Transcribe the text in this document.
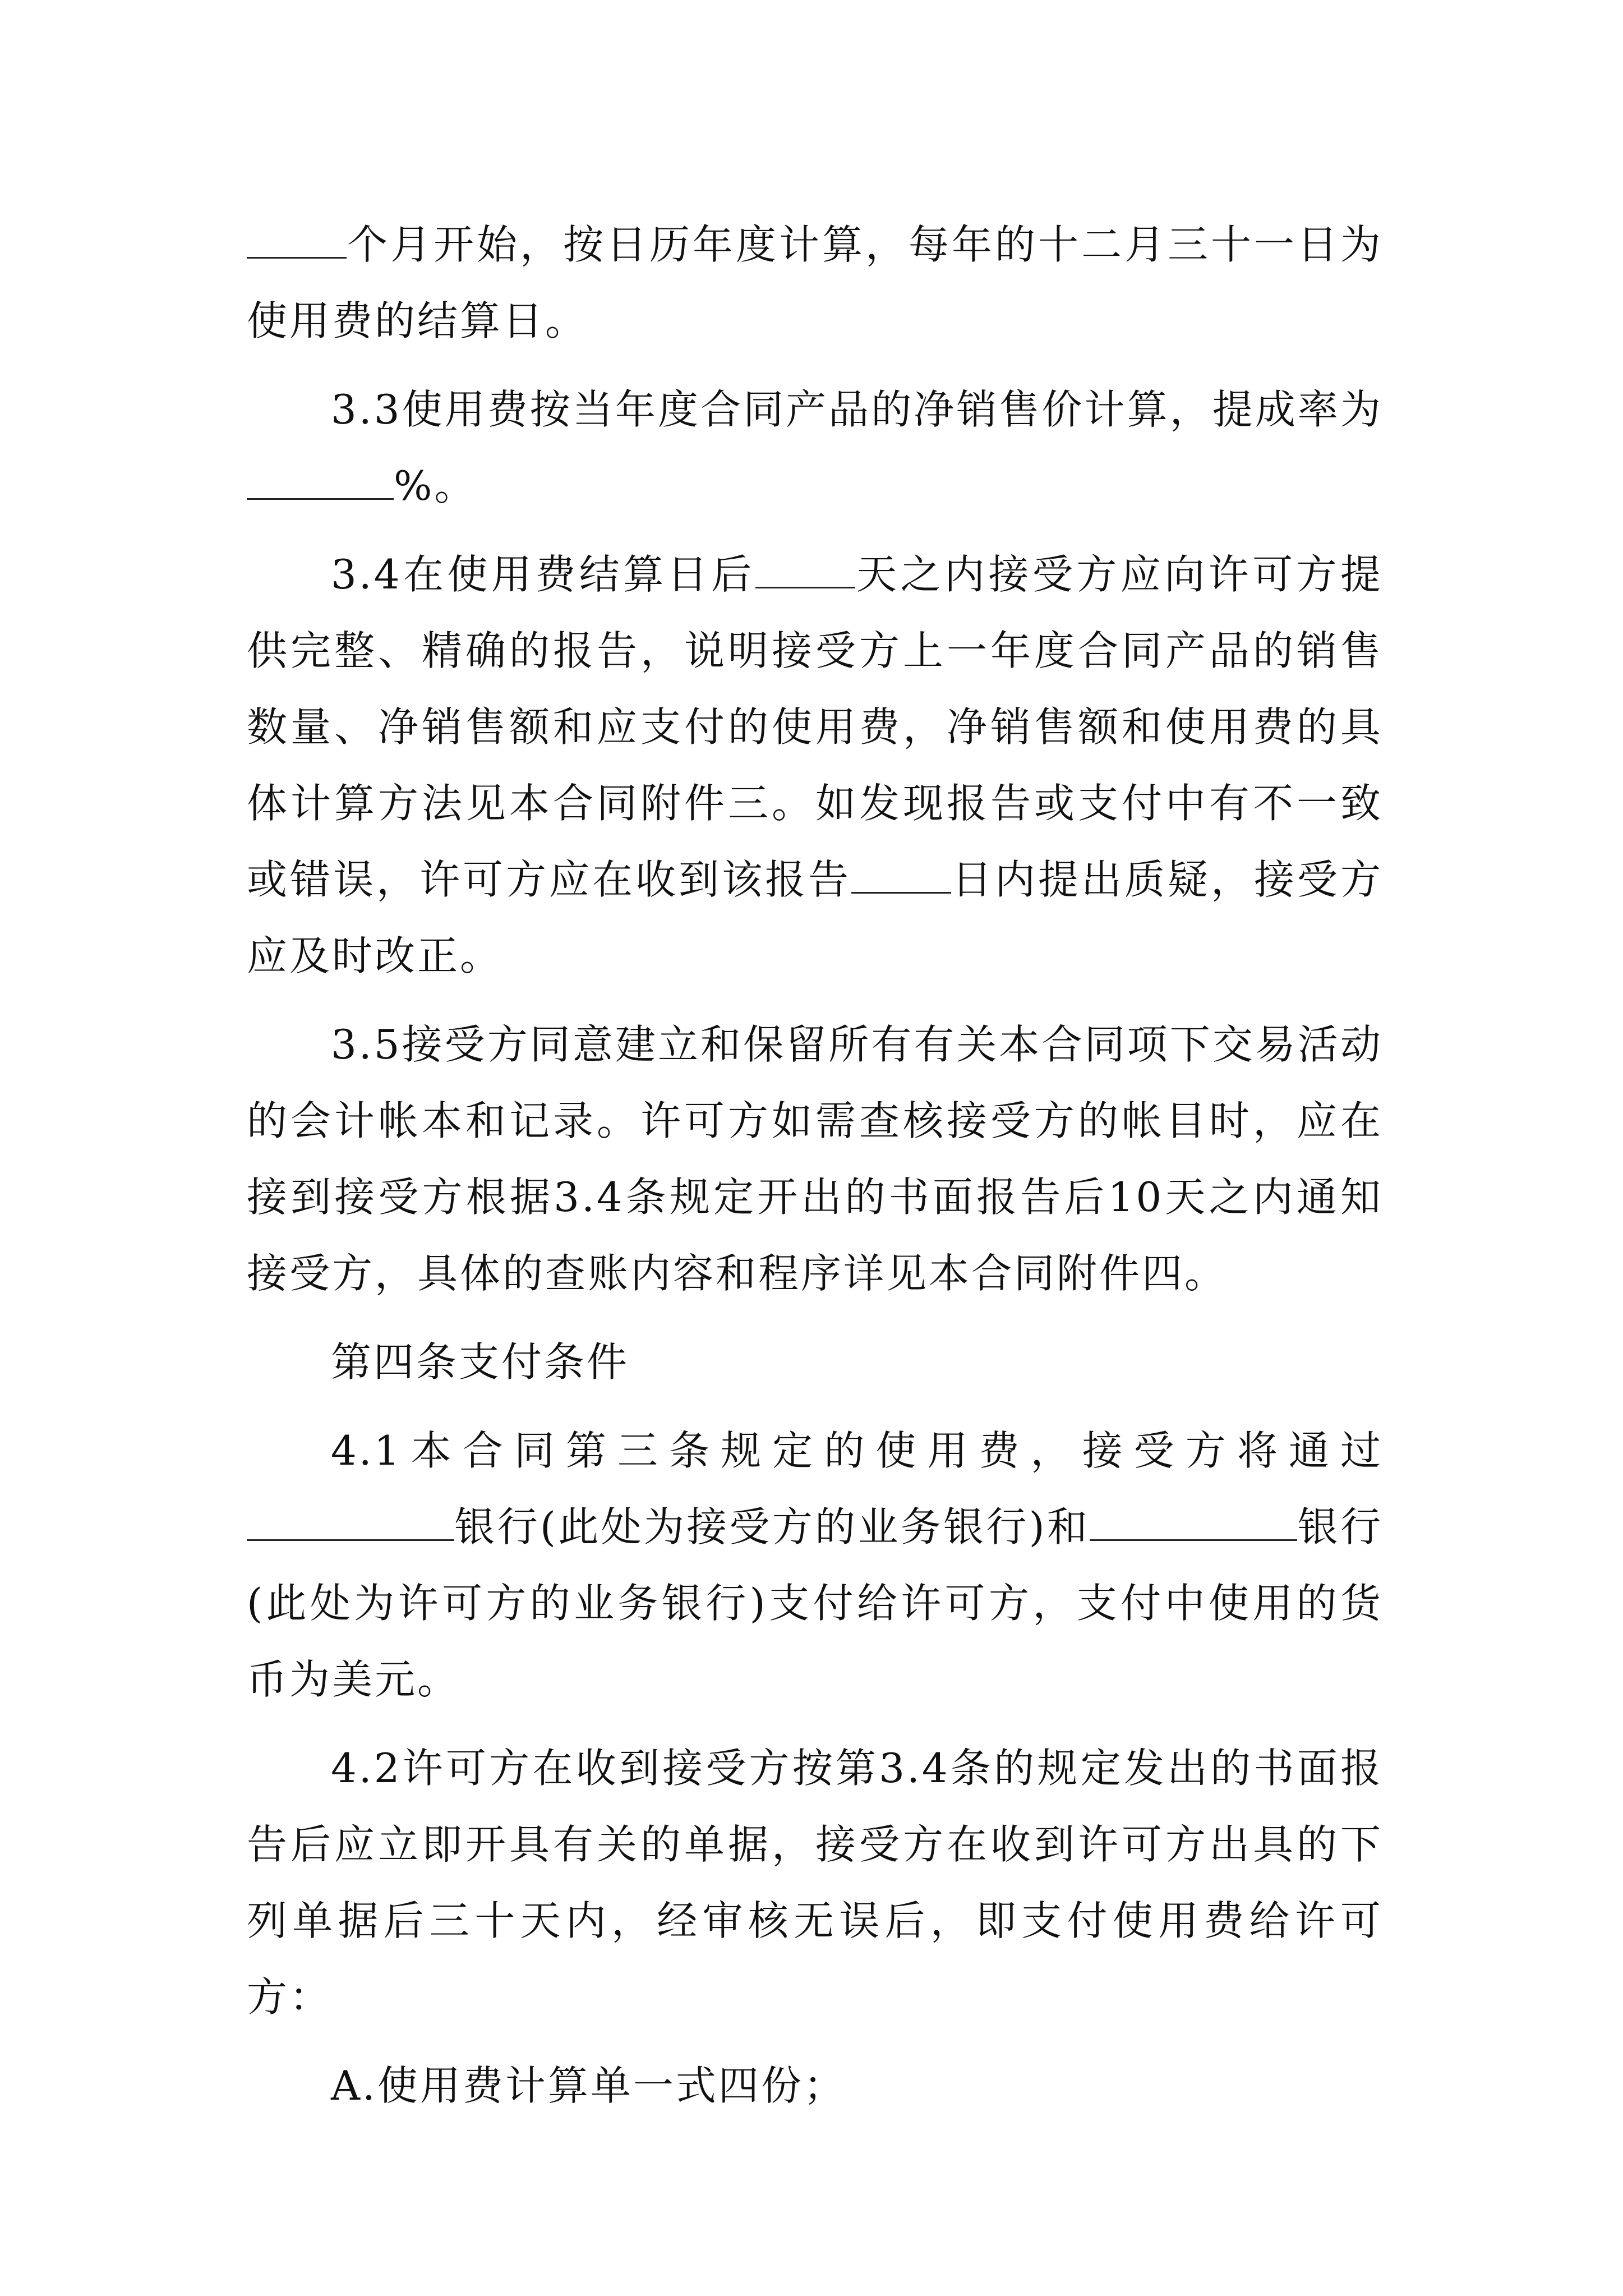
个月开始，按日历年度计算，每年的十二月三十一日为使用费的结算日。

3.3使用费按当年度合同产品的净销售价计算，提成率为%。

3.4在使用费结算日后 天之内接受方应向许可方提供完整、精确的报告，说明接受方上一年度合同产品的销售数量、净销售额和应支付的使用费，净销售额和使用费的具体计算方法见本合同附件三。如发现报告或支付中有不一致或错误，许可方应在收到该报告 日内提出质疑，接受方应及时改正。

3.5接受方同意建立和保留所有有关本合同项下交易活动的会计帐本和记录。许可方如需查核接受方的帐目时，应在接到接受方根据3.4条规定开出的书面报告后10天之内通知接受方，具体的查账内容和程序详见本合同附件四。

第四条支付条件

4.1本合同第三条规定的使用费，接受方将通过银行(此处为接受方的业务银行)和	银行(此处为许可方的业务银行)支付给许可方，支付中使用的货币为美元。

4.2许可方在收到接受方按第3.4条的规定发出的书面报告后应立即开具有关的单据，接受方在收到许可方出具的下列单据后三十天内，经审核无误后，即支付使用费给许可方：

A.使用费计算单一式四份；
